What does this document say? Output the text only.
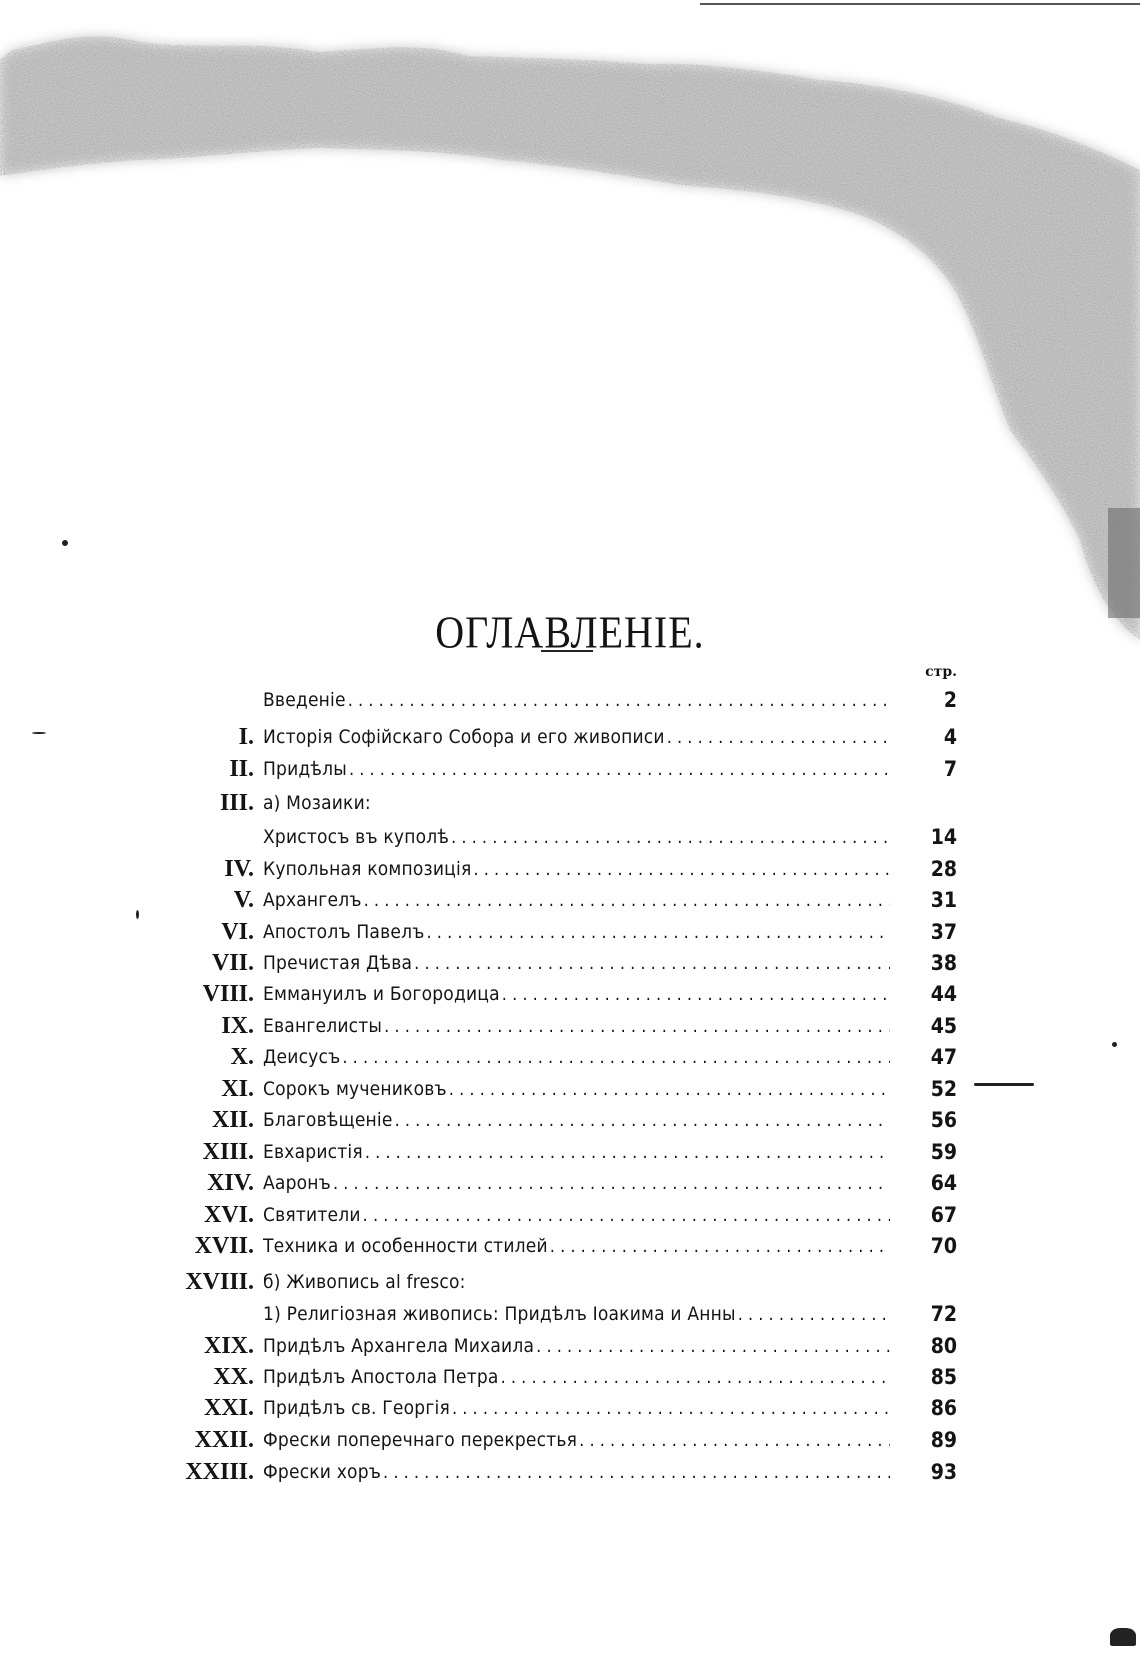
ОГЛАВЛЕНІЕ.
стр.
Введеніе . . .	2
I. Исторія Софійскаго Собора и его живописи . . .	4
II. Придѣлы . . .	7
III. а) Мозаики:
Христосъ въ куполѣ . . .	14
IV. Купольная композиція . . .	28
V. Архангелъ . . .	31
VI. Апостолъ Павелъ . . .	37
VII. Пречистая Дѣва . . .	38
VIII. Еммануилъ и Богородица . . .	44
IX. Евангелисты . . .	45
X. Деисусъ . . .	47
XI. Сорокъ мучениковъ . . .	52
XII. Благовѣщеніе . . .	56
XIII. Евхаристія . . .	59
XIV. Ааронъ . . .	64
XVI. Святители . . .	67
XVII. Техника и особенности стилей . . .	70
XVIII. б) Живопись al fresco:
1) Религіозная живопись: Придѣлъ Іоакима и Анны . . .	72
XIX. Придѣлъ Архангела Михаила . . .	80
XX. Придѣлъ Апостола Петра . . .	85
XXI. Придѣлъ св. Георгія . . .	86
XXII. Фрески поперечнаго перекрестья . . .	89
XXIII. Фрески хоръ . . .	93
